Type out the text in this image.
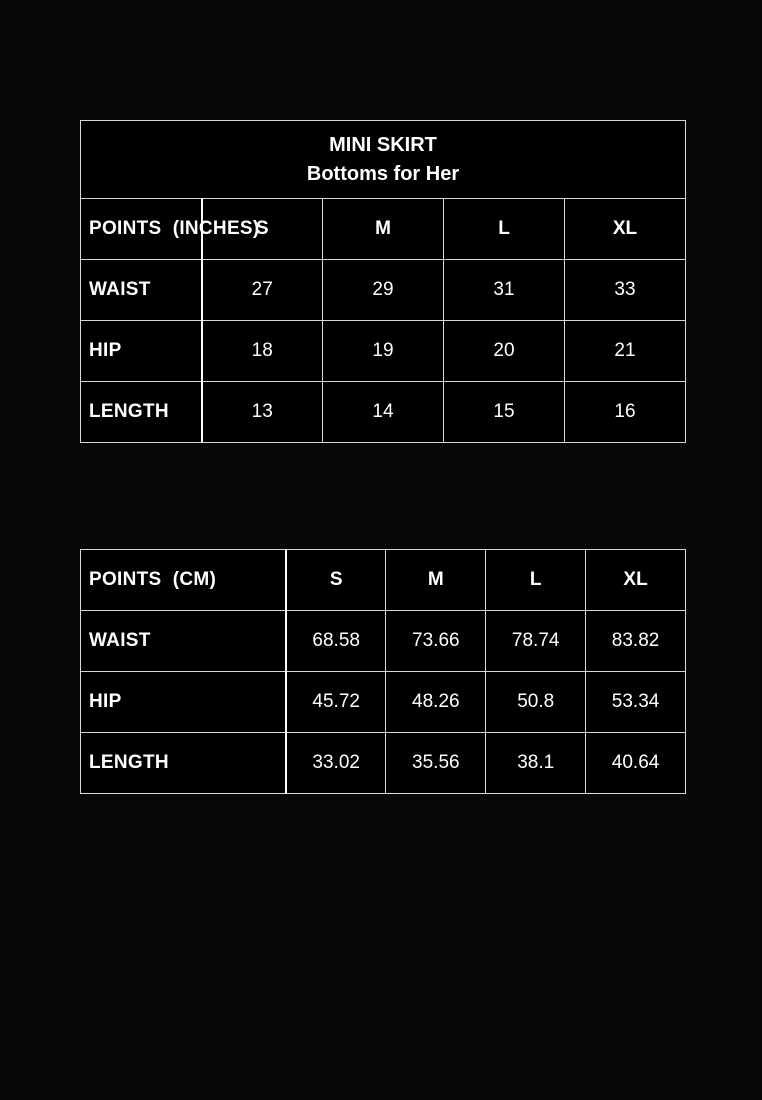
MINI SKIRT
Bottoms for Her				

POINTS  (INCHES)	S	M	L	XL
WAIST	27	29	31	33
HIP	18	19	20	21
LENGTH	13	14	15	16
POINTS  (CM)	S	M	L	XL
WAIST	68.58	73.66	78.74	83.82
HIP	45.72	48.26	50.8	53.34
LENGTH	33.02	35.56	38.1	40.64
